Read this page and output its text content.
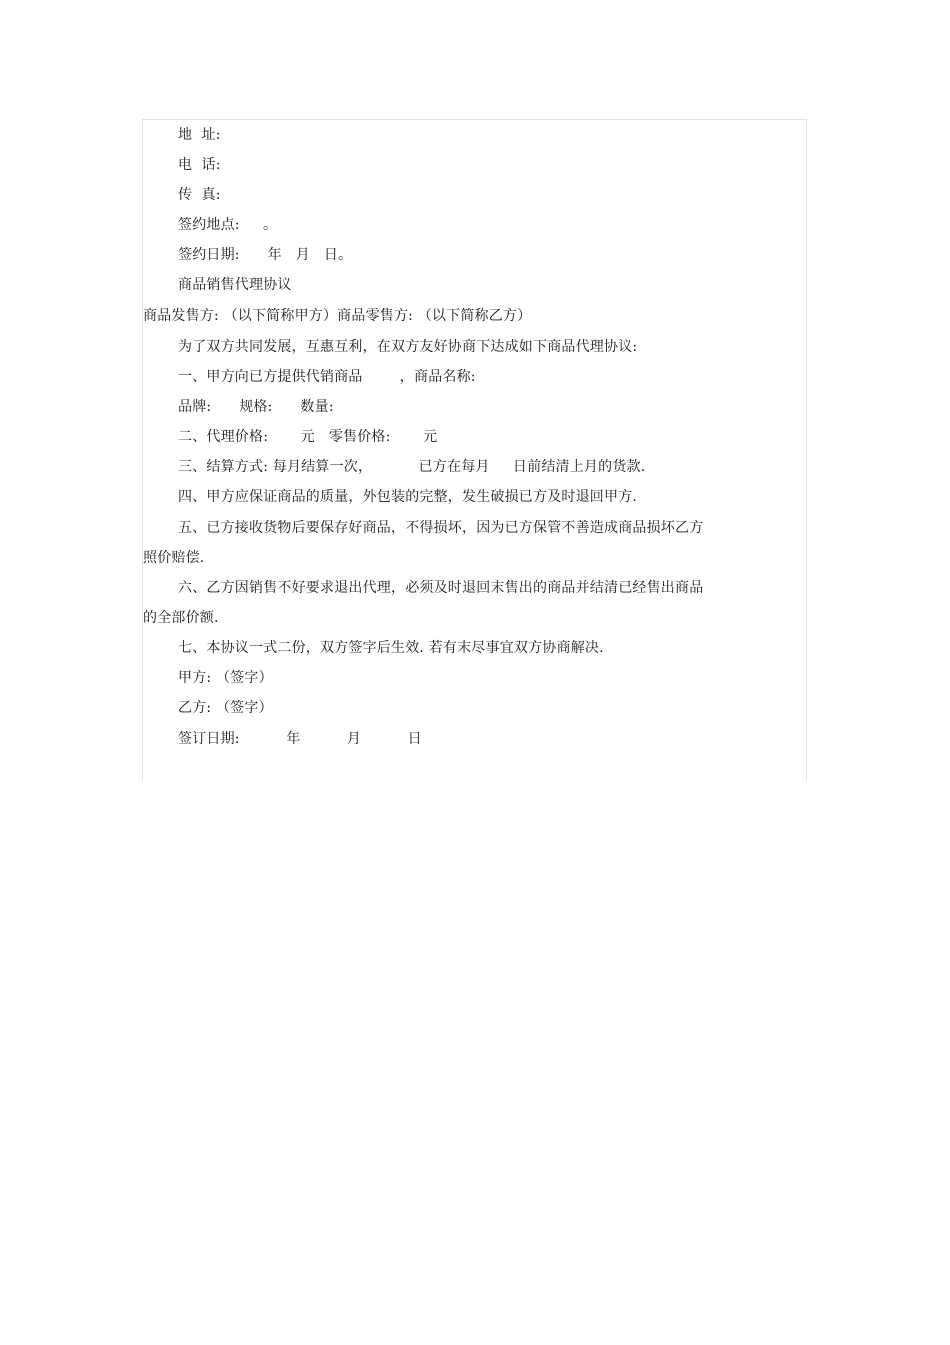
地  址:
电  话:
传  真:
签约地点:     。
签约日期:      年   月   日。
商品销售代理协议
商品发售方: （以下简称甲方）商品零售方: （以下简称乙方）
为了双方共同发展，互惠互利，在双方友好协商下达成如下商品代理协议:
一、甲方向已方提供代销商品        ，商品名称:
品牌:      规格:      数量:
二、代理价格:       元   零售价格:       元
三、结算方式: 每月结算一次，          已方在每月     日前结清上月的货款.
四、甲方应保证商品的质量，外包装的完整，发生破损已方及时退回甲方.
五、已方接收货物后要保存好商品，不得损坏，因为已方保管不善造成商品损坏乙方
照价赔偿.
六、乙方因销售不好要求退出代理，必须及时退回末售出的商品并结清已经售出商品
的全部价额.
七、本协议一式二份，双方签字后生效. 若有末尽事宜双方协商解决.
甲方: （签字）
乙方: （签字）
签订日期:          年          月          日
